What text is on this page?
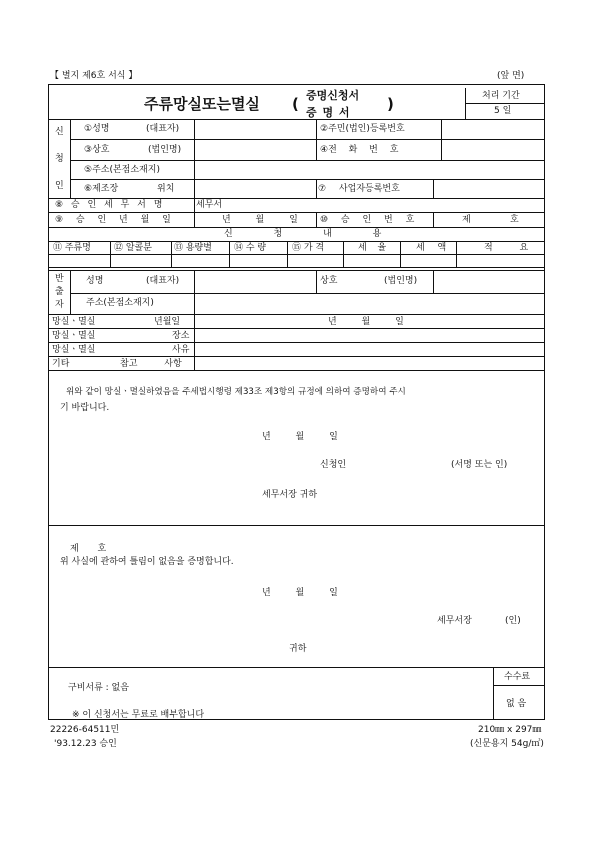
【 별지 제6호 서식 】	(앞 면)
주류망실또는멸실 ( 증명신청서
증 명 서 )	처리 기간
5 일
신
청
인
①성명	(대표자)	②주민(법인)등록번호
③상호	(법인명)	④전 화 번 호
⑤주소(본점소재지)
⑥제조장 위치	⑦ 사업자등록번호
⑧ 승 인 세 무 서 명	세무서
⑨ 승 인 년 월 일	년 월 일 ⑩ 승 인 번 호	제	호
신 청 내 용
⑪ 주류명	⑫ 알콜분 ⑬ 용량별 ⑭ 수 량	⑮ 가 격	세 율	세 액	적 요
반
출
자
성명	(대표자)	상호	(법인명)
주소(본점소재지)
망실ㆍ멸실	년월일	년 월 일
망실ㆍ멸실	장소
망실ㆍ멸실	사유
기타	참고 사항
위와 같이 망실ㆍ멸실하였음을 주세법시행령 제33조 제3항의 규정에 의하여 증명하여 주시
기 바랍니다.
년 월 일
신청인	(서명 또는 인)
세무서장 귀하
제 호
위 사실에 관하여 틀림이 없음을 증명합니다.
년 월 일
세무서장	(인)
귀하
구비서류 : 없음
※ 이 신청서는 무료로 배부합니다
수수료
없 음
22226-64511민
'93.12.23 승인
210㎜ x 297㎜
(신문용지 54g/㎡)
